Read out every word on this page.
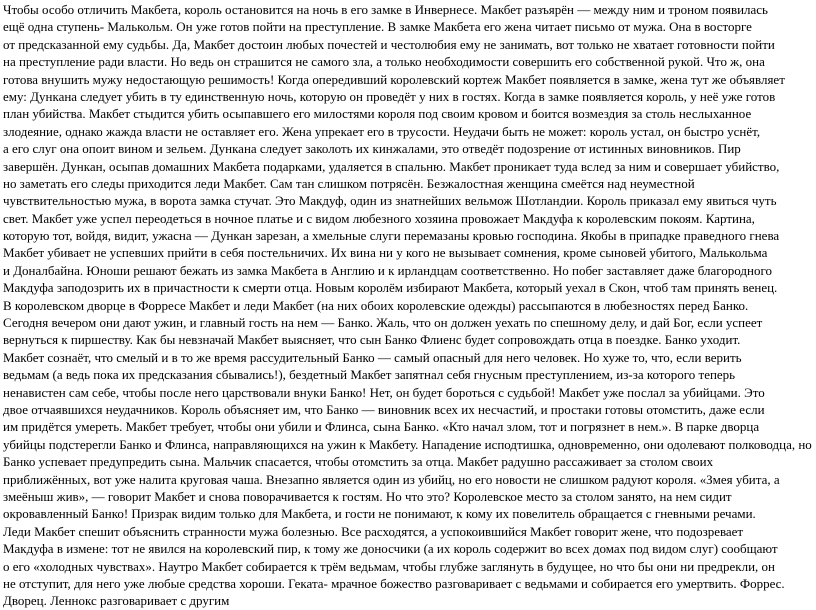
Чтобы особо отличить Макбета, король остановится на ночь в его замке в Инвернесе. Макбет разъярён — между ним и троном появилась
ещё одна ступень- Малькольм. Он уже готов пойти на преступление. В замке Макбета его жена читает письмо от мужа. Она в восторге
от предсказанной ему судьбы. Да, Макбет достоин любых почестей и честолюбия ему не занимать, вот только не хватает готовности пойти
на преступление ради власти. Но ведь он страшится не самого зла, а только необходимости совершить его собственной рукой. Что ж, она
готова внушить мужу недостающую решимость! Когда опередивший королевский кортеж Макбет появляется в замке, жена тут же объявляет
ему: Дункана следует убить в ту единственную ночь, которую он проведёт у них в гостях. Когда в замке появляется король, у неё уже готов
план убийства. Макбет стыдится убить осыпавшего его милостями короля под своим кровом и боится возмездия за столь неслыханное
злодеяние, однако жажда власти не оставляет его. Жена упрекает его в трусости. Неудачи быть не может: король устал, он быстро уснёт,
а его слуг она опоит вином и зельем. Дункана следует заколоть их кинжалами, это отведёт подозрение от истинных виновников. Пир
завершён. Дункан, осыпав домашних Макбета подарками, удаляется в спальню. Макбет проникает туда вслед за ним и совершает убийство,
но заметать его следы приходится леди Макбет. Сам тан слишком потрясён. Безжалостная женщина смеётся над неуместной
чувствительностью мужа, в ворота замка стучат. Это Макдуф, один из знатнейших вельмож Шотландии. Король приказал ему явиться чуть
свет. Макбет уже успел переодеться в ночное платье и с видом любезного хозяина провожает Макдуфа к королевским покоям. Картина,
которую тот, войдя, видит, ужасна — Дункан зарезан, а хмельные слуги перемазаны кровью господина. Якобы в припадке праведного гнева
Макбет убивает не успевших прийти в себя постельничих. Их вина ни у кого не вызывает сомнения, кроме сыновей убитого, Малькольма
и Доналбайна. Юноши решают бежать из замка Макбета в Англию и к ирландцам соответственно. Но побег заставляет даже благородного
Макдуфа заподозрить их в причастности к смерти отца. Новым королём избирают Макбета, который уехал в Скон, чтоб там принять венец.
В королевском дворце в Форресе Макбет и леди Макбет (на них обоих королевские одежды) рассыпаются в любезностях перед Банко.
Сегодня вечером они дают ужин, и главный гость на нем — Банко. Жаль, что он должен уехать по спешному делу, и дай Бог, если успеет
вернуться к пиршеству. Как бы невзначай Макбет выясняет, что сын Банко Флиенс будет сопровождать отца в поездке. Банко уходит.
Макбет сознаёт, что смелый и в то же время рассудительный Банко — самый опасный для него человек. Но хуже то, что, если верить
ведьмам (а ведь пока их предсказания сбывались!), бездетный Макбет запятнал себя гнусным преступлением, из-за которого теперь
ненавистен сам себе, чтобы после него царствовали внуки Банко! Нет, он будет бороться с судьбой! Макбет уже послал за убийцами. Это
двое отчаявшихся неудачников. Король объясняет им, что Банко — виновник всех их несчастий, и простаки готовы отомстить, даже если
им придётся умереть. Макбет требует, чтобы они убили и Флинса, сына Банко. «Кто начал злом, тот и погрязнет в нем.». В парке дворца
убийцы подстерегли Банко и Флинса, направляющихся на ужин к Макбету. Нападение исподтишка, одновременно, они одолевают полководца, но
Банко успевает предупредить сына. Мальчик спасается, чтобы отомстить за отца. Макбет радушно рассаживает за столом своих
приближённых, вот уже налита круговая чаша. Внезапно является один из убийц, но его новости не слишком радуют короля. «Змея убита, а
змеёныш жив», — говорит Макбет и снова поворачивается к гостям. Но что это? Королевское место за столом занято, на нем сидит
окровавленный Банко! Призрак видим только для Макбета, и гости не понимают, к кому их повелитель обращается с гневными речами.
Леди Макбет спешит объяснить странности мужа болезнью. Все расходятся, а успокоившийся Макбет говорит жене, что подозревает
Макдуфа в измене: тот не явился на королевский пир, к тому же доносчики (а их король содержит во всех домах под видом слуг) сообщают
о его «холодных чувствах». Наутро Макбет собирается к трём ведьмам, чтобы глубже заглянуть в будущее, но что бы они ни предрекли, он
не отступит, для него уже любые средства хороши. Геката- мрачное божество разговаривает с ведьмами и собирается его умертвить. Форрес.
Дворец. Леннокс разговаривает с другим
